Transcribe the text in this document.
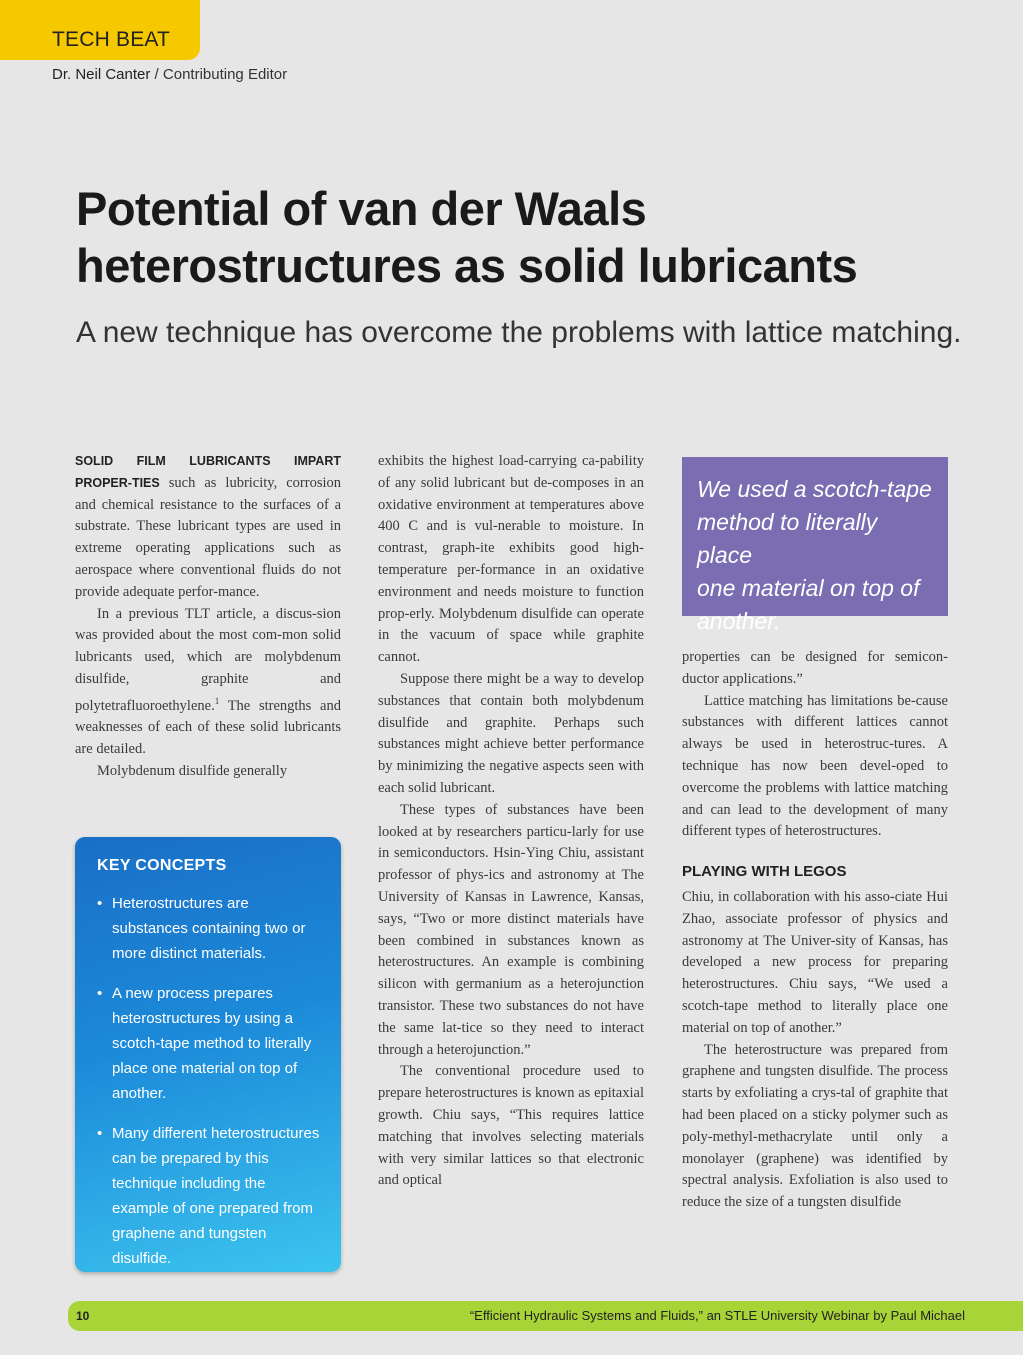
TECH BEAT
Dr. Neil Canter / Contributing Editor
Potential of van der Waals
heterostructures as solid lubricants
A new technique has overcome the problems with lattice matching.

SOLID FILM LUBRICANTS IMPART PROPER-TIES such as lubricity, corrosion and chemical resistance to the surfaces of a substrate. These lubricant types are used in extreme operating applications such as aerospace where conventional fluids do not provide adequate perfor-mance.

In a previous TLT article, a discus-sion was provided about the most com-mon solid lubricants used, which are molybdenum disulfide, graphite and polytetrafluoroethylene.$^1$ The strengths and weaknesses of each of these solid lubricants are detailed.

Molybdenum disulfide generally

KEY CONCEPTS
• Heterostructures are substances containing two or more distinct materials.
• A new process prepares heterostructures by using a scotch-tape method to literally place one material on top of another.
• Many different heterostructures can be prepared by this technique including the example of one prepared from graphene and tungsten disulfide.

exhibits the highest load-carrying ca-pability of any solid lubricant but de-composes in an oxidative environment at temperatures above 400 C and is vul-nerable to moisture. In contrast, graph-ite exhibits good high-temperature per-formance in an oxidative environment and needs moisture to function prop-erly. Molybdenum disulfide can operate in the vacuum of space while graphite cannot.

Suppose there might be a way to develop substances that contain both molybdenum disulfide and graphite. Perhaps such substances might achieve better performance by minimizing the negative aspects seen with each solid lubricant.

These types of substances have been looked at by researchers particu-larly for use in semiconductors. Hsin-Ying Chiu, assistant professor of phys-ics and astronomy at The University of Kansas in Lawrence, Kansas, says, “Two or more distinct materials have been combined in substances known as heterostructures. An example is combining silicon with germanium as a heterojunction transistor. These two substances do not have the same lat-tice so they need to interact through a heterojunction.”

The conventional procedure used to prepare heterostructures is known as epitaxial growth. Chiu says, “This requires lattice matching that involves selecting materials with very similar lattices so that electronic and optical

We used a scotch-tape
method to literally place
one material on top of
another.

properties can be designed for semicon-ductor applications.”

Lattice matching has limitations be-cause substances with different lattices cannot always be used in heterostruc-tures. A technique has now been devel-oped to overcome the problems with lattice matching and can lead to the development of many different types of heterostructures.

PLAYING WITH LEGOS

Chiu, in collaboration with his asso-ciate Hui Zhao, associate professor of physics and astronomy at The Univer-sity of Kansas, has developed a new process for preparing heterostructures. Chiu says, “We used a scotch-tape method to literally place one material on top of another.”

The heterostructure was prepared from graphene and tungsten disulfide. The process starts by exfoliating a crys-tal of graphite that had been placed on a sticky polymer such as poly-methyl-methacrylate until only a monolayer (graphene) was identified by spectral analysis. Exfoliation is also used to reduce the size of a tungsten disulfide

10	“Efficient Hydraulic Systems and Fluids,” an STLE University Webinar by Paul Michael
